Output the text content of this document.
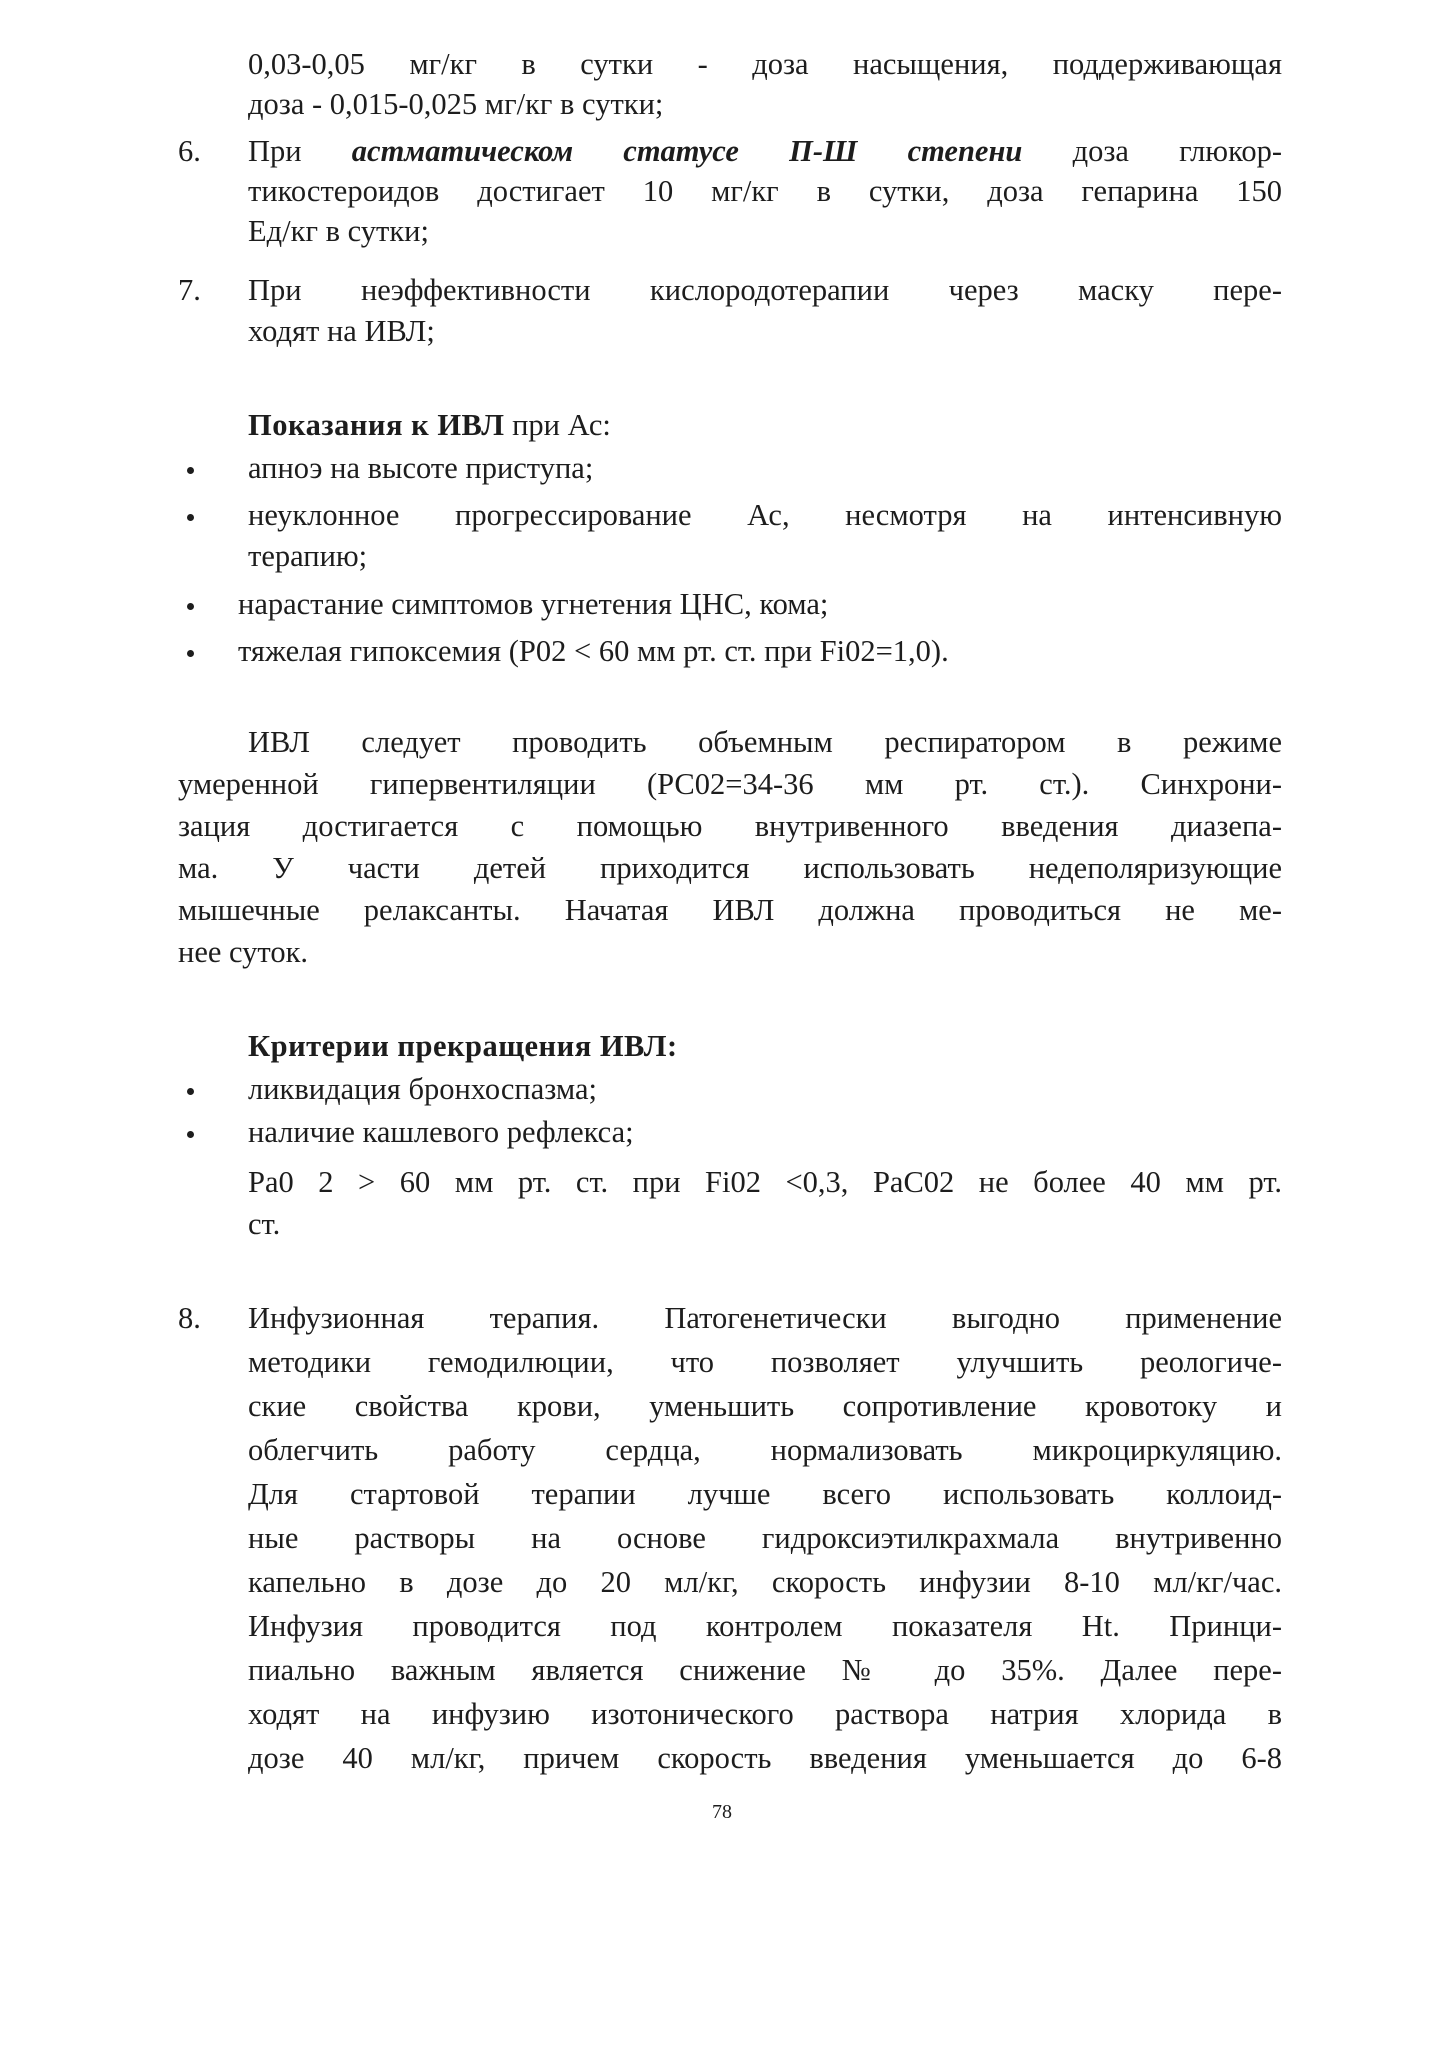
0,03-0,05 мг/кг в сутки - доза насыщения, поддерживающая
доза - 0,015-0,025 мг/кг в сутки;
6. При астматическом статусе П-Ш степени доза глюкор-
тикостероидов достигает 10 мг/кг в сутки, доза гепарина 150
Ед/кг в сутки;
7. При неэффективности кислородотерапии через маску пере-
ходят на ИВЛ;
Показания к ИВЛ при Ас:
апноэ на высоте приступа;
неуклонное прогрессирование Ас, несмотря на интенсивную
терапию;
нарастание симптомов угнетения ЦНС, кома;
тяжелая гипоксемия (Р02 < 60 мм рт. ст. при Fi02=1,0).
ИВЛ следует проводить объемным респиратором в режиме
умеренной гипервентиляции (РС02=34-36 мм рт. ст.). Синхрони-
зация достигается с помощью внутривенного введения диазепа-
ма. У части детей приходится использовать недеполяризующие
мышечные релаксанты. Начатая ИВЛ должна проводиться не ме-
нее суток.
Критерии прекращения ИВЛ:
ликвидация бронхоспазма;
наличие кашлевого рефлекса;
Ра0 2 > 60 мм рт. ст. при Fi02 <0,3, РаС02 не более 40 мм рт.
ст.
8. Инфузионная терапия. Патогенетически выгодно применение
методики гемодилюции, что позволяет улучшить реологиче-
ские свойства крови, уменьшить сопротивление кровотоку и
облегчить работу сердца, нормализовать микроциркуляцию.
Для стартовой терапии лучше всего использовать коллоид-
ные растворы на основе гидроксиэтилкрахмала внутривенно
капельно в дозе до 20 мл/кг, скорость инфузии 8-10 мл/кг/час.
Инфузия проводится под контролем показателя Ht. Принци-
пиально важным является снижение № до 35%. Далее пере-
ходят на инфузию изотонического раствора натрия хлорида в
дозе 40 мл/кг, причем скорость введения уменьшается до 6-8
78
